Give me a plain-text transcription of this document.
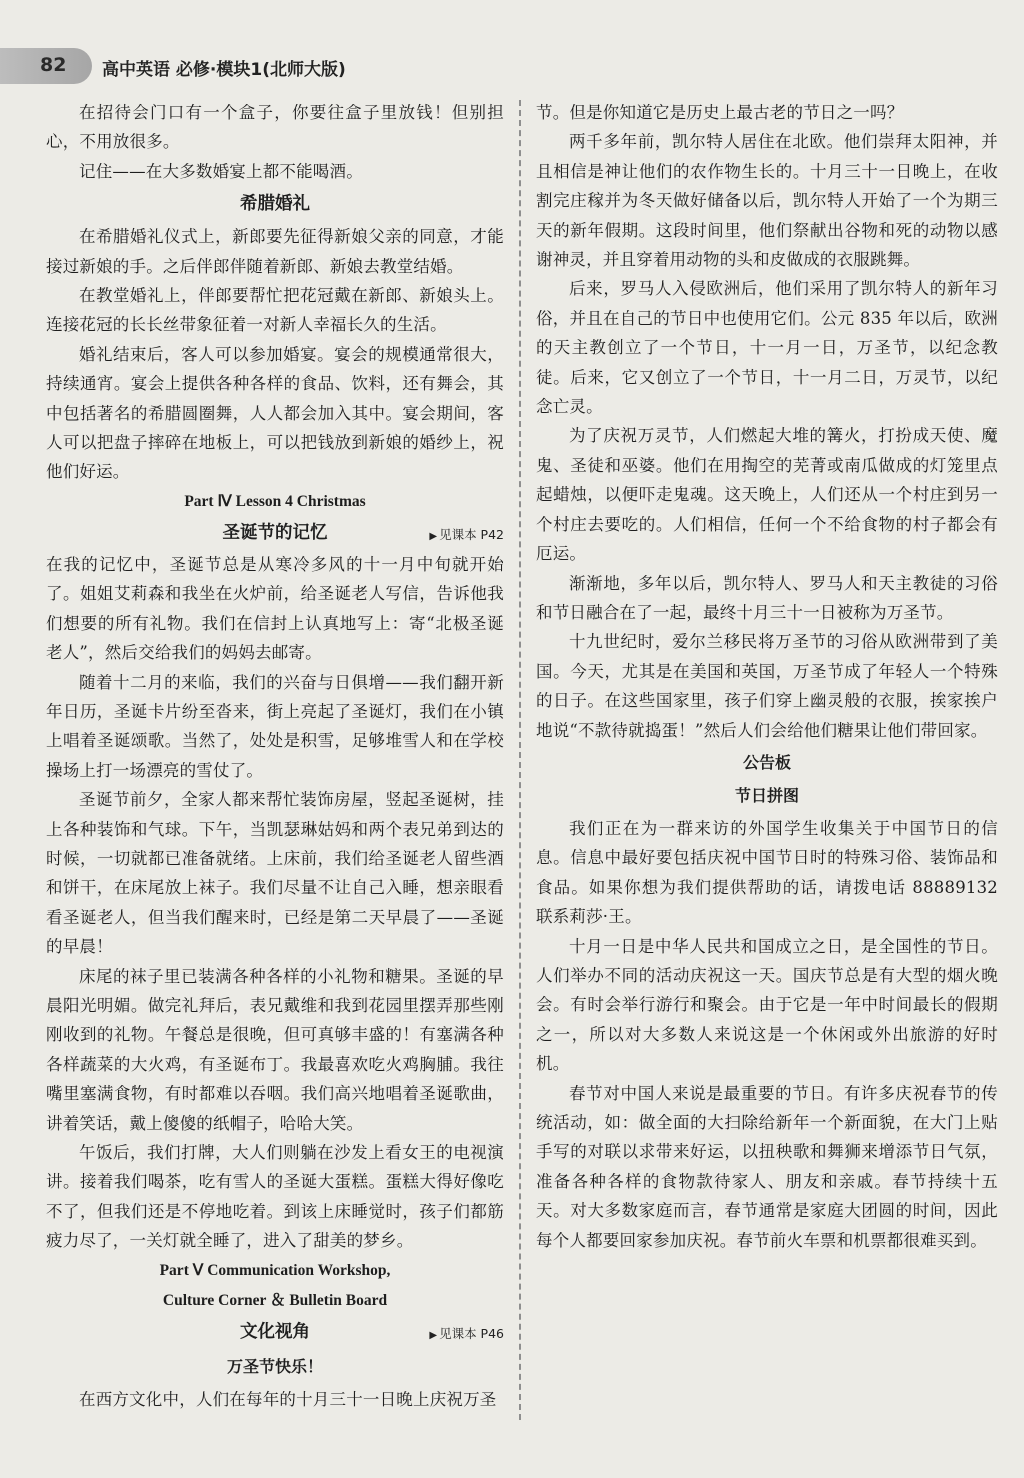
82 高中英语 必修·模块1(北师大版)

在招待会门口有一个盒子，你要往盒子里放钱！但别担心，不用放很多。

记住——在大多数婚宴上都不能喝酒。

希腊婚礼

在希腊婚礼仪式上，新郎要先征得新娘父亲的同意，才能接过新娘的手。之后伴郎伴随着新郎、新娘去教堂结婚。

在教堂婚礼上，伴郎要帮忙把花冠戴在新郎、新娘头上。连接花冠的长长丝带象征着一对新人幸福长久的生活。

婚礼结束后，客人可以参加婚宴。宴会的规模通常很大，持续通宵。宴会上提供各种各样的食品、饮料，还有舞会，其中包括著名的希腊圆圈舞，人人都会加入其中。宴会期间，客人可以把盘子摔碎在地板上，可以把钱放到新娘的婚纱上，祝他们好运。

Part Ⅳ Lesson 4 Christmas
圣诞节的记忆	▶ 见课本 P42

在我的记忆中，圣诞节总是从寒冷多风的十一月中旬就开始了。姐姐艾莉森和我坐在火炉前，给圣诞老人写信，告诉他我们想要的所有礼物。我们在信封上认真地写上：寄“北极圣诞老人”，然后交给我们的妈妈去邮寄。

随着十二月的来临，我们的兴奋与日俱增——我们翻开新年日历，圣诞卡片纷至沓来，街上亮起了圣诞灯，我们在小镇上唱着圣诞颂歌。当然了，处处是积雪，足够堆雪人和在学校操场上打一场漂亮的雪仗了。

圣诞节前夕，全家人都来帮忙装饰房屋，竖起圣诞树，挂上各种装饰和气球。下午，当凯瑟琳姑妈和两个表兄弟到达的时候，一切就都已准备就绪。上床前，我们给圣诞老人留些酒和饼干，在床尾放上袜子。我们尽量不让自己入睡，想亲眼看看圣诞老人，但当我们醒来时，已经是第二天早晨了——圣诞的早晨！

床尾的袜子里已装满各种各样的小礼物和糖果。圣诞的早晨阳光明媚。做完礼拜后，表兄戴维和我到花园里摆弄那些刚刚收到的礼物。午餐总是很晚，但可真够丰盛的！有塞满各种各样蔬菜的大火鸡，有圣诞布丁。我最喜欢吃火鸡胸脯。我往嘴里塞满食物，有时都难以吞咽。我们高兴地唱着圣诞歌曲，讲着笑话，戴上傻傻的纸帽子，哈哈大笑。

午饭后，我们打牌，大人们则躺在沙发上看女王的电视演讲。接着我们喝茶，吃有雪人的圣诞大蛋糕。蛋糕大得好像吃不了，但我们还是不停地吃着。到该上床睡觉时，孩子们都筋疲力尽了，一关灯就全睡了，进入了甜美的梦乡。

Part Ⅴ Communication Workshop,
Culture Corner ＆ Bulletin Board
文化视角	▶ 见课本 P46
万圣节快乐！

在西方文化中，人们在每年的十月三十一日晚上庆祝万圣

节。但是你知道它是历史上最古老的节日之一吗？

两千多年前，凯尔特人居住在北欧。他们崇拜太阳神，并且相信是神让他们的农作物生长的。十月三十一日晚上，在收割完庄稼并为冬天做好储备以后，凯尔特人开始了一个为期三天的新年假期。这段时间里，他们祭献出谷物和死的动物以感谢神灵，并且穿着用动物的头和皮做成的衣服跳舞。

后来，罗马人入侵欧洲后，他们采用了凯尔特人的新年习俗，并且在自己的节日中也使用它们。公元 835 年以后，欧洲的天主教创立了一个节日，十一月一日，万圣节，以纪念教徒。后来，它又创立了一个节日，十一月二日，万灵节，以纪念亡灵。

为了庆祝万灵节，人们燃起大堆的篝火，打扮成天使、魔鬼、圣徒和巫婆。他们在用掏空的芜菁或南瓜做成的灯笼里点起蜡烛，以便吓走鬼魂。这天晚上，人们还从一个村庄到另一个村庄去要吃的。人们相信，任何一个不给食物的村子都会有厄运。

渐渐地，多年以后，凯尔特人、罗马人和天主教徒的习俗和节日融合在了一起，最终十月三十一日被称为万圣节。

十九世纪时，爱尔兰移民将万圣节的习俗从欧洲带到了美国。今天，尤其是在美国和英国，万圣节成了年轻人一个特殊的日子。在这些国家里，孩子们穿上幽灵般的衣服，挨家挨户地说“不款待就捣蛋！”然后人们会给他们糖果让他们带回家。

公告板
节日拼图

我们正在为一群来访的外国学生收集关于中国节日的信息。信息中最好要包括庆祝中国节日时的特殊习俗、装饰品和食品。如果你想为我们提供帮助的话，请拨电话 88889132 联系莉莎·王。

十月一日是中华人民共和国成立之日，是全国性的节日。人们举办不同的活动庆祝这一天。国庆节总是有大型的烟火晚会。有时会举行游行和聚会。由于它是一年中时间最长的假期之一，所以对大多数人来说这是一个休闲或外出旅游的好时机。

春节对中国人来说是最重要的节日。有许多庆祝春节的传统活动，如：做全面的大扫除给新年一个新面貌，在大门上贴手写的对联以求带来好运，以扭秧歌和舞狮来增添节日气氛，准备各种各样的食物款待家人、朋友和亲戚。春节持续十五天。对大多数家庭而言，春节通常是家庭大团圆的时间，因此每个人都要回家参加庆祝。春节前火车票和机票都很难买到。
